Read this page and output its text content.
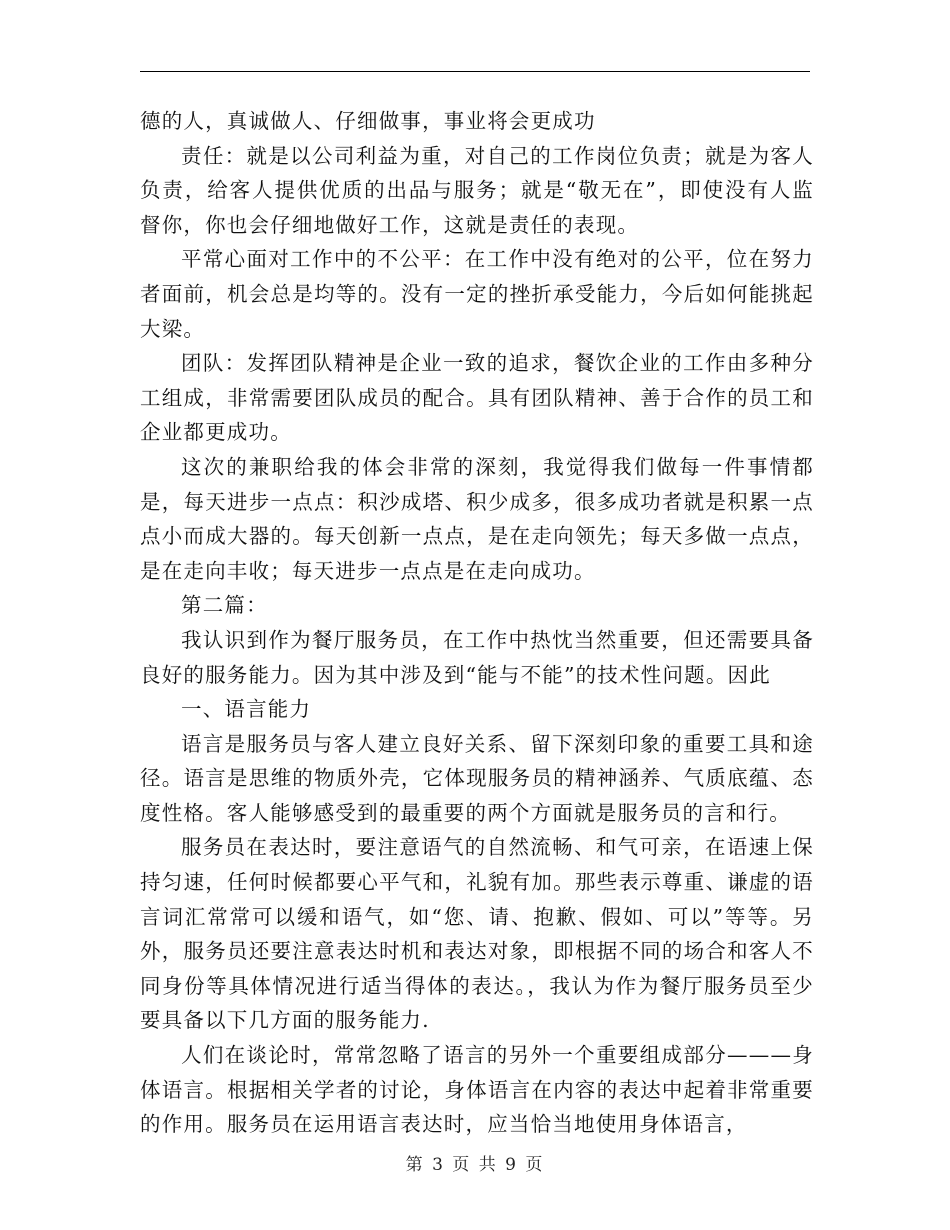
德的人，真诚做人、仔细做事，事业将会更成功

责任：就是以公司利益为重，对自己的工作岗位负责；就是为客人负责，给客人提供优质的出品与服务；就是“敬无在”，即使没有人监督你，你也会仔细地做好工作，这就是责任的表现。

平常心面对工作中的不公平：在工作中没有绝对的公平，位在努力者面前，机会总是均等的。没有一定的挫折承受能力，今后如何能挑起大梁。

团队：发挥团队精神是企业一致的追求，餐饮企业的工作由多种分工组成，非常需要团队成员的配合。具有团队精神、善于合作的员工和企业都更成功。

这次的兼职给我的体会非常的深刻，我觉得我们做每一件事情都是，每天进步一点点：积沙成塔、积少成多，很多成功者就是积累一点点小而成大器的。每天创新一点点，是在走向领先；每天多做一点点，是在走向丰收；每天进步一点点是在走向成功。

第二篇：

我认识到作为餐厅服务员，在工作中热忱当然重要，但还需要具备良好的服务能力。因为其中涉及到“能与不能”的技术性问题。因此

一、语言能力

语言是服务员与客人建立良好关系、留下深刻印象的重要工具和途径。语言是思维的物质外壳，它体现服务员的精神涵养、气质底蕴、态度性格。客人能够感受到的最重要的两个方面就是服务员的言和行。

服务员在表达时，要注意语气的自然流畅、和气可亲，在语速上保持匀速，任何时候都要心平气和，礼貌有加。那些表示尊重、谦虚的语言词汇常常可以缓和语气，如“您、请、抱歉、假如、可以”等等。另外，服务员还要注意表达时机和表达对象，即根据不同的场合和客人不同身份等具体情况进行适当得体的表达。，我认为作为餐厅服务员至少要具备以下几方面的服务能力.

人们在谈论时，常常忽略了语言的另外一个重要组成部分———身体语言。根据相关学者的讨论，身体语言在内容的表达中起着非常重要的作用。服务员在运用语言表达时，应当恰当地使用身体语言，

第 3 页 共 9 页
